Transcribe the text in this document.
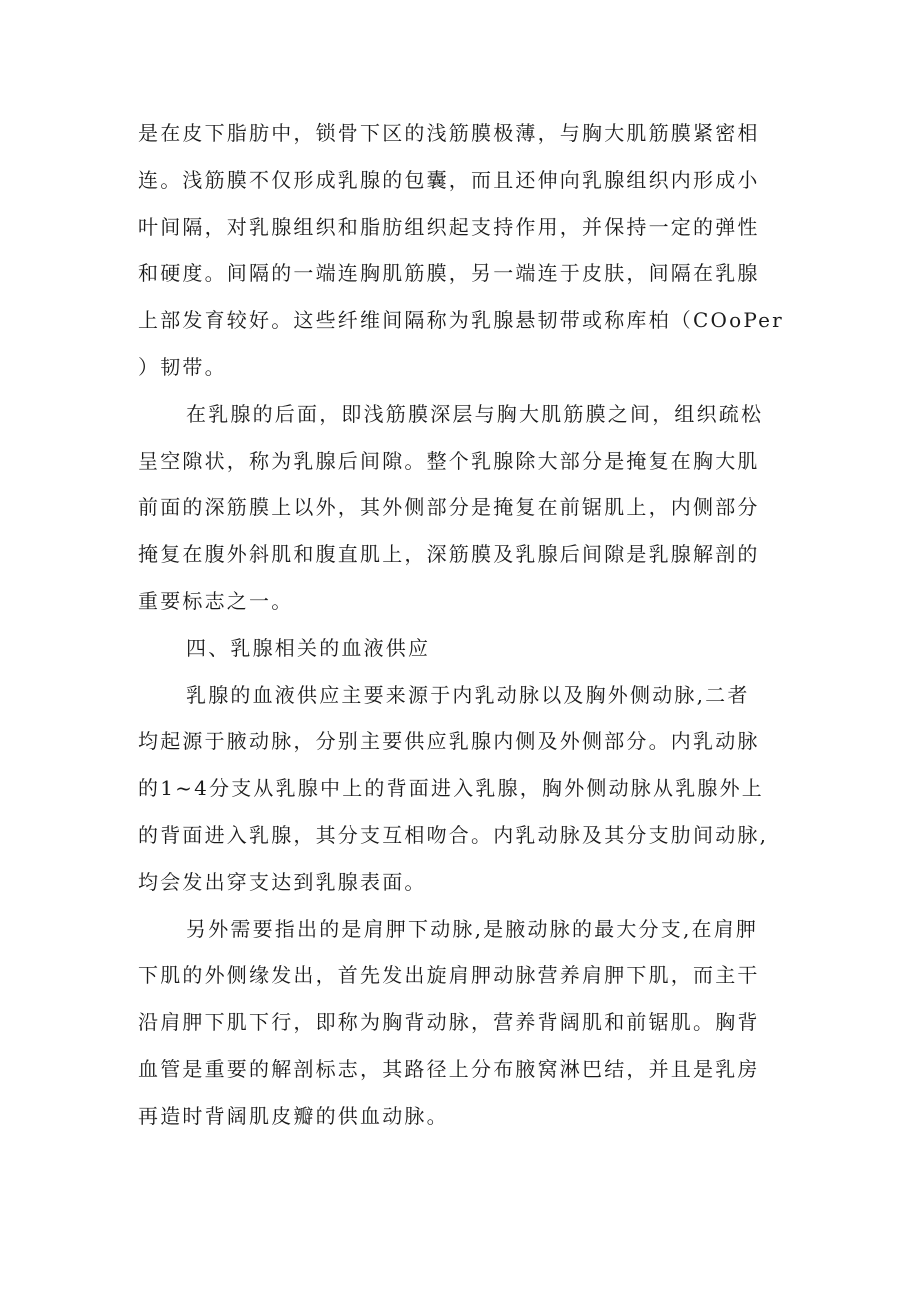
是在皮下脂肪中，锁骨下区的浅筋膜极薄，与胸大肌筋膜紧密相
连。浅筋膜不仅形成乳腺的包囊，而且还伸向乳腺组织内形成小
叶间隔，对乳腺组织和脂肪组织起支持作用，并保持一定的弹性
和硬度。间隔的一端连胸肌筋膜，另一端连于皮肤，间隔在乳腺
上部发育较好。这些纤维间隔称为乳腺悬韧带或称库柏（COoPer
）韧带。
在乳腺的后面，即浅筋膜深层与胸大肌筋膜之间，组织疏松
呈空隙状，称为乳腺后间隙。整个乳腺除大部分是掩复在胸大肌
前面的深筋膜上以外，其外侧部分是掩复在前锯肌上，内侧部分
掩复在腹外斜肌和腹直肌上，深筋膜及乳腺后间隙是乳腺解剖的
重要标志之一。
四、乳腺相关的血液供应
乳腺的血液供应主要来源于内乳动脉以及胸外侧动脉,二者
均起源于腋动脉，分别主要供应乳腺内侧及外侧部分。内乳动脉
的1~4分支从乳腺中上的背面进入乳腺，胸外侧动脉从乳腺外上
的背面进入乳腺，其分支互相吻合。内乳动脉及其分支肋间动脉,
均会发出穿支达到乳腺表面。
另外需要指出的是肩胛下动脉,是腋动脉的最大分支,在肩胛
下肌的外侧缘发出，首先发出旋肩胛动脉营养肩胛下肌，而主干
沿肩胛下肌下行，即称为胸背动脉，营养背阔肌和前锯肌。胸背
血管是重要的解剖标志，其路径上分布腋窝淋巴结，并且是乳房
再造时背阔肌皮瓣的供血动脉。
